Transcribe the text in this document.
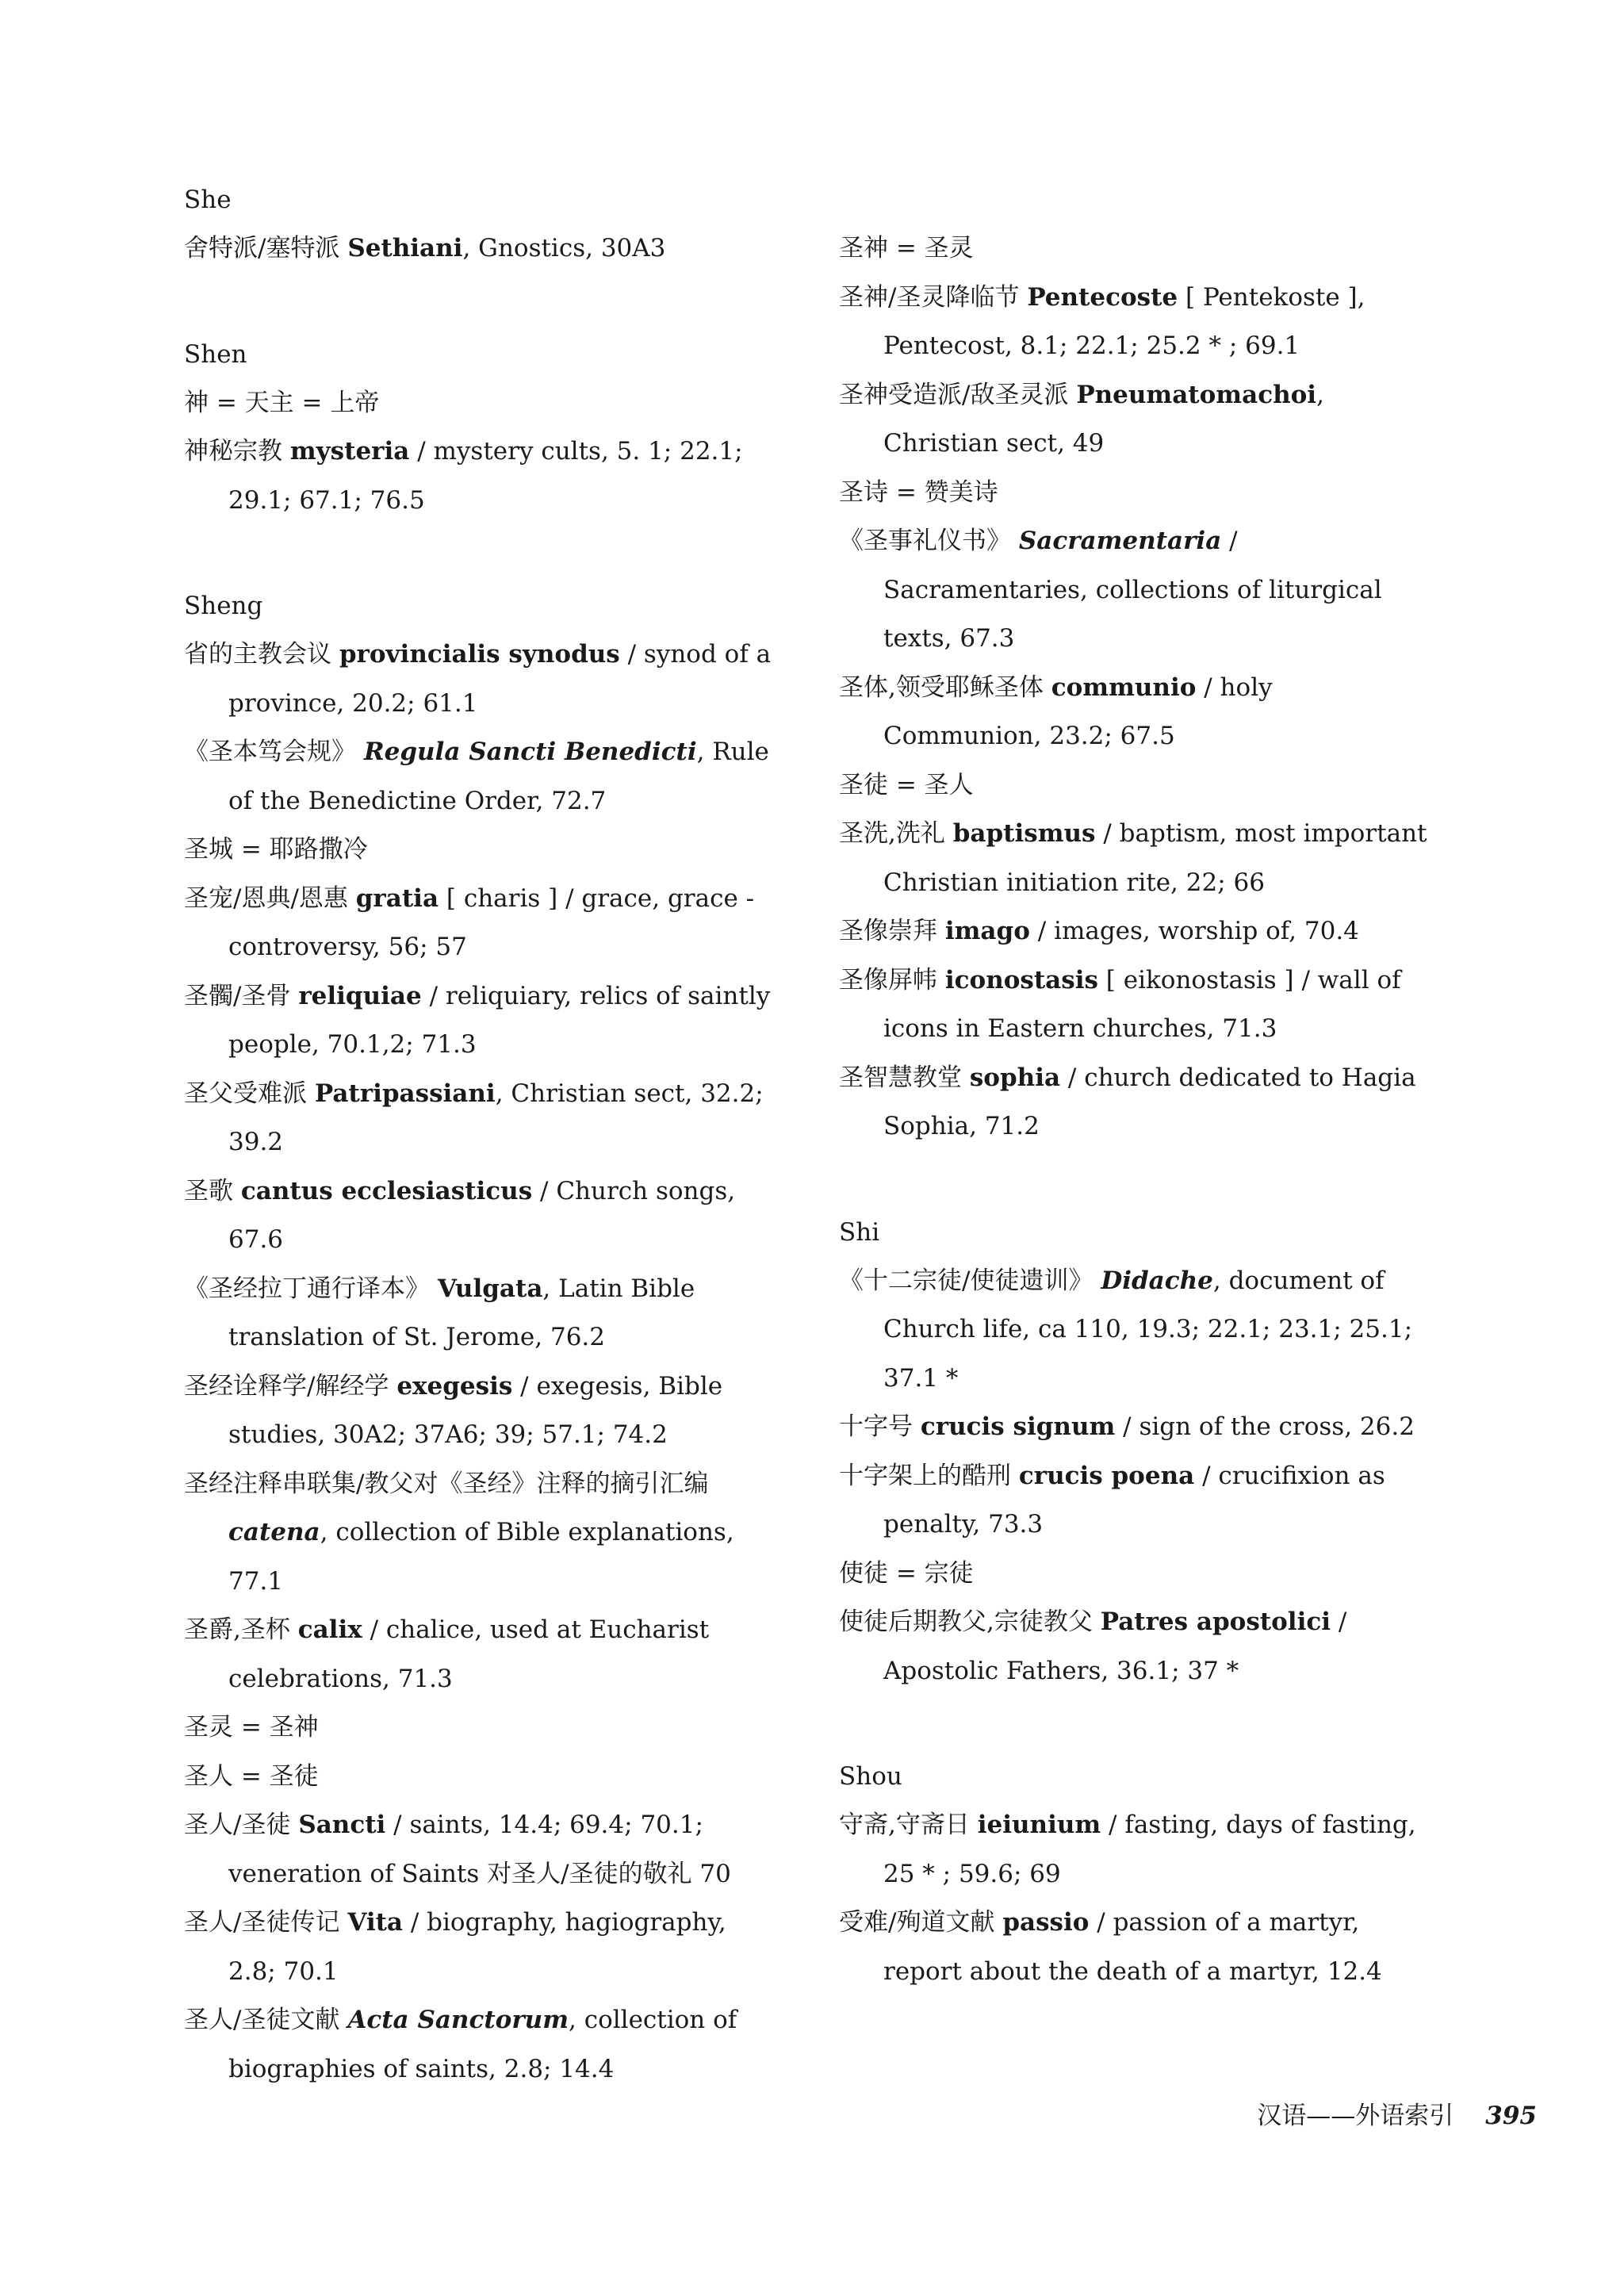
She
舍特派/塞特派 Sethiani, Gnostics, 30A3
Shen
神 = 天主 = 上帝
神秘宗教 mysteria / mystery cults, 5. 1; 22.1; 29.1; 67.1; 76.5
Sheng
省的主教会议 provincialis synodus / synod of a province, 20.2; 61.1
《圣本笃会规》 Regula Sancti Benedicti, Rule of the Benedictine Order, 72.7
圣城 = 耶路撒冷
圣宠/恩典/恩惠 gratia [ charis ] / grace, grace - controversy, 56; 57
圣髑/圣骨 reliquiae / reliquiary, relics of saintly people, 70.1,2; 71.3
圣父受难派 Patripassiani, Christian sect, 32.2; 39.2
圣歌 cantus ecclesiasticus / Church songs, 67.6
《圣经拉丁通行译本》 Vulgata, Latin Bible translation of St. Jerome, 76.2
圣经诠释学/解经学 exegesis / exegesis, Bible studies, 30A2; 37A6; 39; 57.1; 74.2
圣经注释串联集/教父对《圣经》注释的摘引汇编 catena, collection of Bible explanations, 77.1
圣爵,圣杯 calix / chalice, used at Eucharist celebrations, 71.3
圣灵 = 圣神
圣人 = 圣徒
圣人/圣徒 Sancti / saints, 14.4; 69.4; 70.1; veneration of Saints 对圣人/圣徒的敬礼 70
圣人/圣徒传记 Vita / biography, hagiography, 2.8; 70.1
圣人/圣徒文献 Acta Sanctorum, collection of biographies of saints, 2.8; 14.4
圣神 = 圣灵
圣神/圣灵降临节 Pentecoste [ Pentekoste ], Pentecost, 8.1; 22.1; 25.2 * ; 69.1
圣神受造派/敌圣灵派 Pneumatomachoi, Christian sect, 49
圣诗 = 赞美诗
《圣事礼仪书》 Sacramentaria / Sacramentaries, collections of liturgical texts, 67.3
圣体,领受耶稣圣体 communio / holy Communion, 23.2; 67.5
圣徒 = 圣人
圣洗,洗礼 baptismus / baptism, most important Christian initiation rite, 22; 66
圣像崇拜 imago / images, worship of, 70.4
圣像屏帏 iconostasis [ eikonostasis ] / wall of icons in Eastern churches, 71.3
圣智慧教堂 sophia / church dedicated to Hagia Sophia, 71.2
Shi
《十二宗徒/使徒遗训》 Didache, document of Church life, ca 110, 19.3; 22.1; 23.1; 25.1; 37.1 *
十字号 crucis signum / sign of the cross, 26.2
十字架上的酷刑 crucis poena / crucifixion as penalty, 73.3
使徒 = 宗徒
使徒后期教父,宗徒教父 Patres apostolici / Apostolic Fathers, 36.1; 37 *
Shou
守斋,守斋日 ieiunium / fasting, days of fasting, 25 * ; 59.6; 69
受难/殉道文献 passio / passion of a martyr, report about the death of a martyr, 12.4
汉语——外语索引 395
